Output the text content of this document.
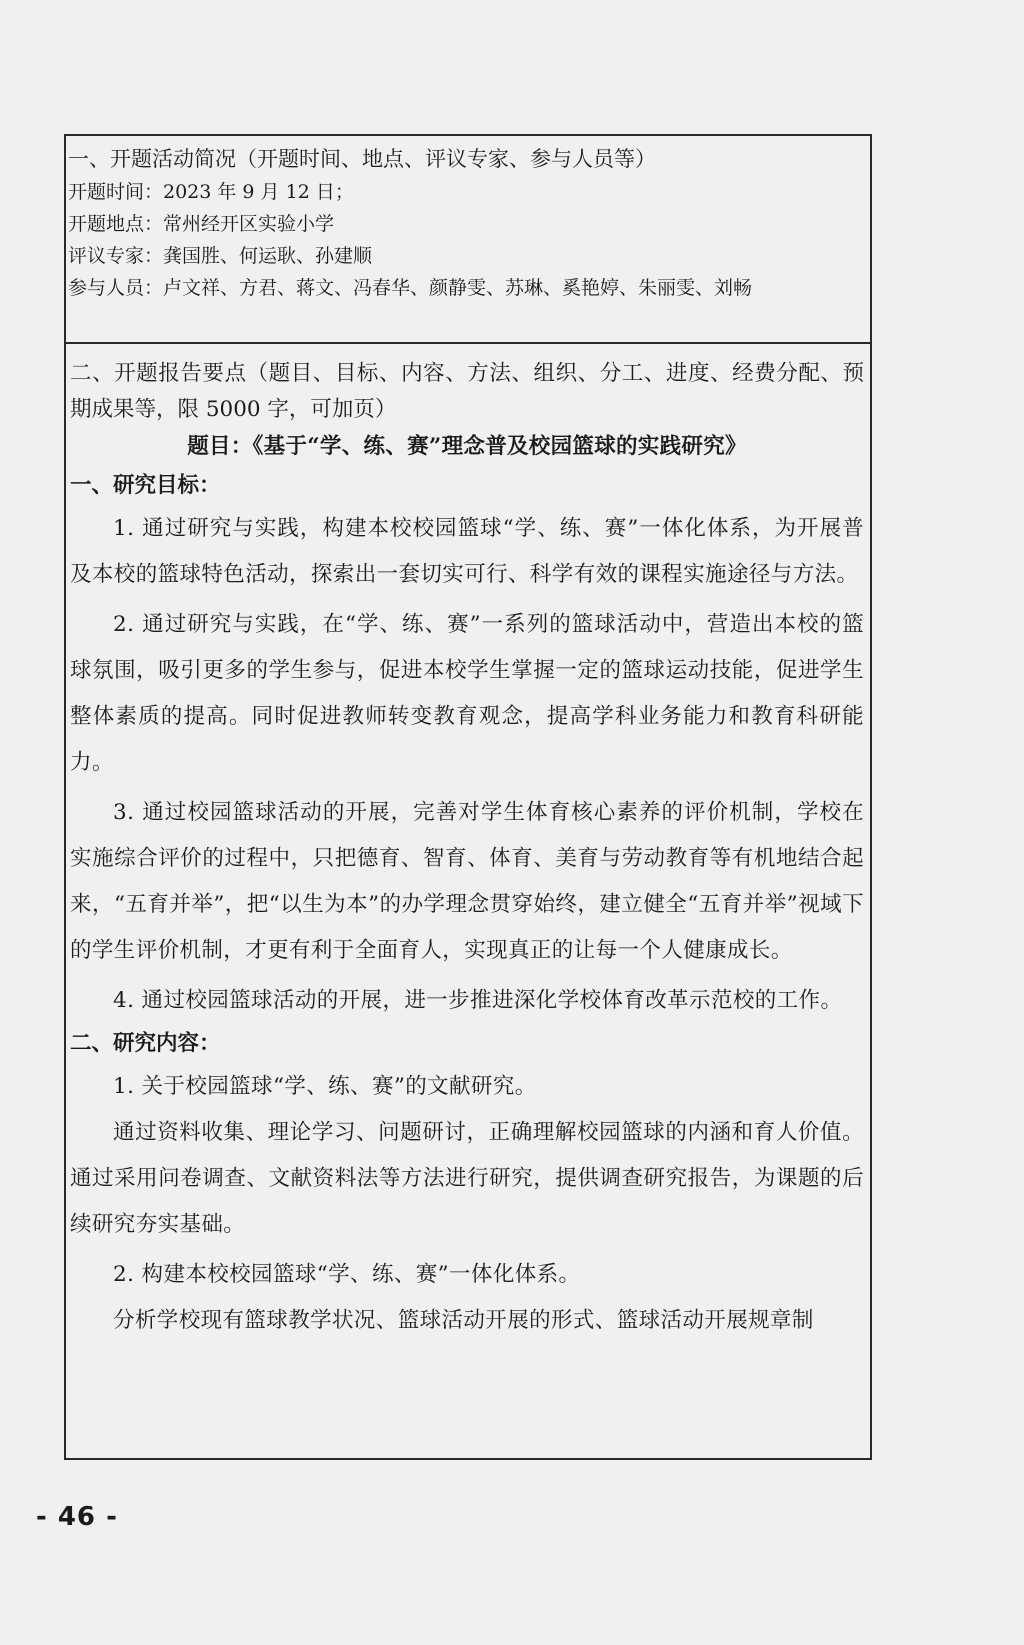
一、开题活动简况（开题时间、地点、评议专家、参与人员等）
开题时间：2023 年 9 月 12 日；
开题地点：常州经开区实验小学
评议专家：龚国胜、何运耿、孙建顺
参与人员：卢文祥、方君、蒋文、冯春华、颜静雯、苏琳、奚艳婷、朱丽雯、刘畅
二、开题报告要点（题目、目标、内容、方法、组织、分工、进度、经费分配、预期成果等，限 5000 字，可加页）
题目：《基于“学、练、赛”理念普及校园篮球的实践研究》
一、研究目标：

1. 通过研究与实践，构建本校校园篮球“学、练、赛”一体化体系，为开展普及本校的篮球特色活动，探索出一套切实可行、科学有效的课程实施途径与方法。

2. 通过研究与实践，在“学、练、赛”一系列的篮球活动中，营造出本校的篮球氛围，吸引更多的学生参与，促进本校学生掌握一定的篮球运动技能，促进学生整体素质的提高。同时促进教师转变教育观念，提高学科业务能力和教育科研能力。

3. 通过校园篮球活动的开展，完善对学生体育核心素养的评价机制，学校在实施综合评价的过程中，只把德育、智育、体育、美育与劳动教育等有机地结合起来，“五育并举”，把“以生为本”的办学理念贯穿始终，建立健全“五育并举”视域下的学生评价机制，才更有利于全面育人，实现真正的让每一个人健康成长。

4. 通过校园篮球活动的开展，进一步推进深化学校体育改革示范校的工作。

二、研究内容：

1. 关于校园篮球“学、练、赛”的文献研究。

通过资料收集、理论学习、问题研讨，正确理解校园篮球的内涵和育人价值。通过采用问卷调查、文献资料法等方法进行研究，提供调查研究报告，为课题的后续研究夯实基础。

2. 构建本校校园篮球“学、练、赛”一体化体系。

分析学校现有篮球教学状况、篮球活动开展的形式、篮球活动开展规章制

- 46 -
